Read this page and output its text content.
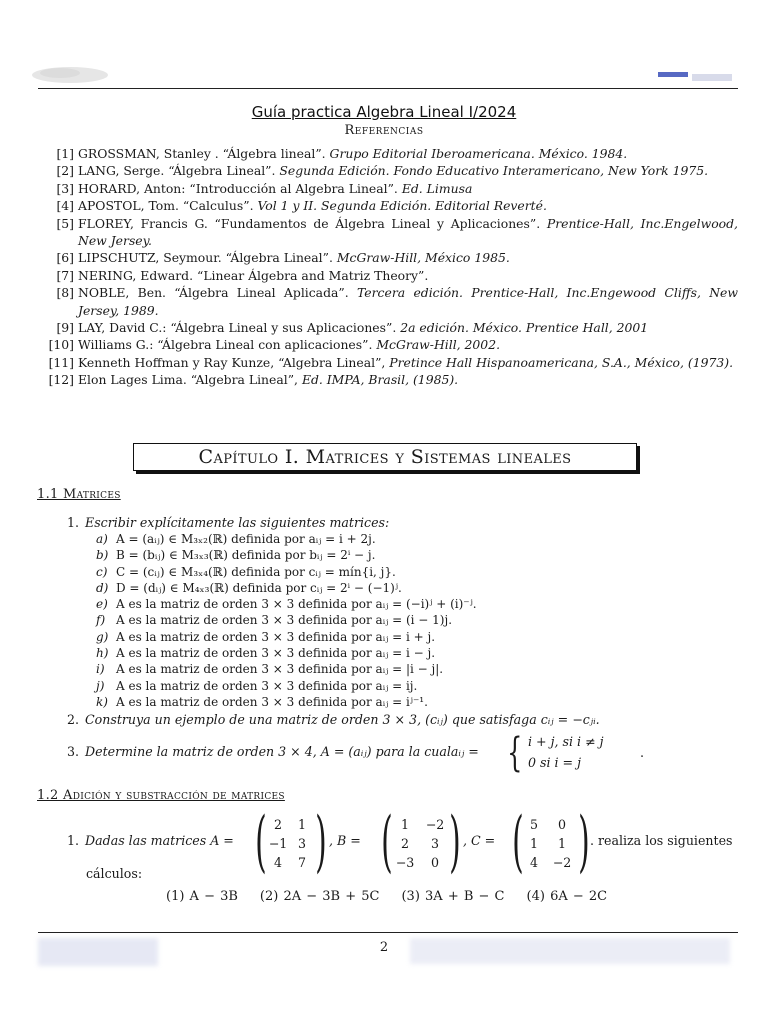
Guía practica Algebra Lineal I/2024
Referencias
[1] GROSSMAN, Stanley . “Álgebra lineal”. Grupo Editorial Iberoamericana. México. 1984.
[2] LANG, Serge. “Álgebra Lineal”. Segunda Edición. Fondo Educativo Interamericano, New York 1975.
[3] HORARD, Anton: “Introducción al Algebra Lineal”. Ed. Limusa
[4] APOSTOL, Tom. “Calculus”. Vol 1 y II. Segunda Edición. Editorial Reverté.
[5] FLOREY, Francis G. “Fundamentos de Álgebra Lineal y Aplicaciones”. Prentice-Hall, Inc.Engelwood, New Jersey.
[6] LIPSCHUTZ, Seymour. “Álgebra Lineal”. McGraw-Hill, México 1985.
[7] NERING, Edward. “Linear Álgebra and Matriz Theory”.
[8] NOBLE, Ben. “Álgebra Lineal Aplicada”. Tercera edición. Prentice-Hall, Inc.Engewood Cliffs, New Jersey, 1989.
[9] LAY, David C.: “Álgebra Lineal y sus Aplicaciones”. 2a edición. México. Prentice Hall, 2001
[10] Williams G.: “Álgebra Lineal con aplicaciones”. McGraw-Hill, 2002.
[11] Kenneth Hoffman y Ray Kunze, “Algebra Lineal”, Pretince Hall Hispanoamericana, S.A., México, (1973).
[12] Elon Lages Lima. “Algebra Lineal”, Ed. IMPA, Brasil, (1985).
Capítulo I. Matrices y Sistemas lineales
1.1 Matrices
1. Escribir explícitamente las siguientes matrices:
a) A = (aᵢⱼ) ∈ M₃ₓ₂(ℝ) definida por aᵢⱼ = i + 2j.
b) B = (bᵢⱼ) ∈ M₃ₓ₃(ℝ) definida por bᵢⱼ = 2ⁱ − j.
c) C = (cᵢⱼ) ∈ M₃ₓ₄(ℝ) definida por cᵢⱼ = mín{i, j}.
d) D = (dᵢⱼ) ∈ M₄ₓ₃(ℝ) definida por cᵢⱼ = 2ⁱ − (−1)ʲ.
e) A es la matriz de orden 3 × 3 definida por aᵢⱼ = (−i)ʲ + (i)⁻ʲ.
f) A es la matriz de orden 3 × 3 definida por aᵢⱼ = (i − 1)j.
g) A es la matriz de orden 3 × 3 definida por aᵢⱼ = i + j.
h) A es la matriz de orden 3 × 3 definida por aᵢⱼ = i − j.
i) A es la matriz de orden 3 × 3 definida por aᵢⱼ = |i − j|.
j) A es la matriz de orden 3 × 3 definida por aᵢⱼ = ij.
k) A es la matriz de orden 3 × 3 definida por aᵢⱼ = iʲ⁻¹.
2. Construya un ejemplo de una matriz de orden 3 × 3, (cᵢⱼ) que satisfaga cᵢⱼ = −cⱼᵢ.
3. Determine la matriz de orden 3 × 4, A = (aᵢⱼ) para la cualaᵢⱼ = { i + j, si i ≠ j
0 si i = j
.
1.2 Adición y substracción de matrices
1. Dadas las matrices A = ( 2	1
−1 3
4	7 ) , B = ( 1	−2
2	3
−3	0 ) , C = ( 5	0
1	1
4	−2 ) . realiza los siguientes
cálculos:
(1) A − 3B (2) 2A − 3B + 5C (3) 3A + B − C (4) 6A − 2C
2
